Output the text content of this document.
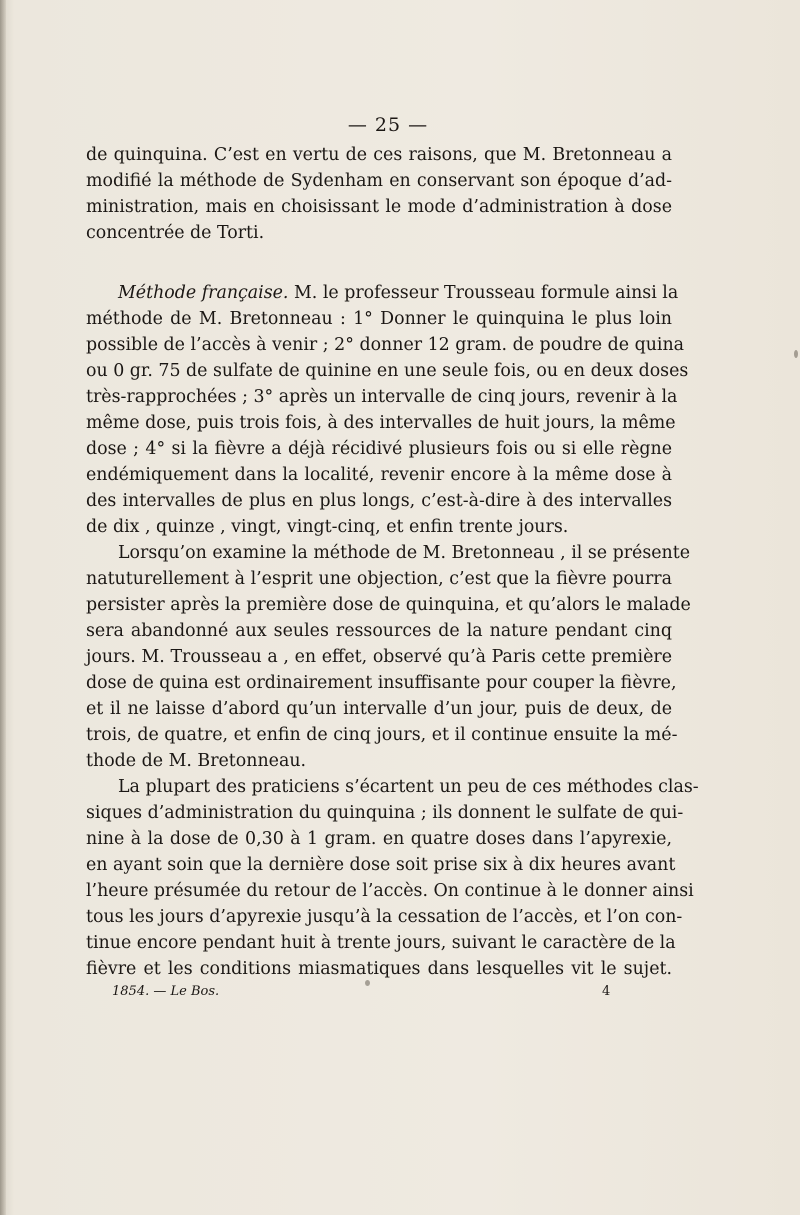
— 25 —
de quinquina. C’est en vertu de ces raisons, que M. Bretonneau a
modifié la méthode de Sydenham en conservant son époque d’ad-
ministration, mais en choisissant le mode d’administration à dose
concentrée de Torti.
Méthode française. M. le professeur Trousseau formule ainsi la
méthode de M. Bretonneau : 1° Donner le quinquina le plus loin
possible de l’accès à venir ; 2° donner 12 gram. de poudre de quina
ou 0 gr. 75 de sulfate de quinine en une seule fois, ou en deux doses
très-rapprochées ; 3° après un intervalle de cinq jours, revenir à la
même dose, puis trois fois, à des intervalles de huit jours, la même
dose ; 4° si la fièvre a déjà récidivé plusieurs fois ou si elle règne
endémiquement dans la localité, revenir encore à la même dose à
des intervalles de plus en plus longs, c’est-à-dire à des intervalles
de dix , quinze , vingt, vingt-cinq, et enfin trente jours.
Lorsqu’on examine la méthode de M. Bretonneau , il se présente
natuturellement à l’esprit une objection, c’est que la fièvre pourra
persister après la première dose de quinquina, et qu’alors le malade
sera abandonné aux seules ressources de la nature pendant cinq
jours. M. Trousseau a , en effet, observé qu’à Paris cette première
dose de quina est ordinairement insuffisante pour couper la fièvre,
et il ne laisse d’abord qu’un intervalle d’un jour, puis de deux, de
trois, de quatre, et enfin de cinq jours, et il continue ensuite la mé-
thode de M. Bretonneau.
La plupart des praticiens s’écartent un peu de ces méthodes clas-
siques d’administration du quinquina ; ils donnent le sulfate de qui-
nine à la dose de 0,30 à 1 gram. en quatre doses dans l’apyrexie,
en ayant soin que la dernière dose soit prise six à dix heures avant
l’heure présumée du retour de l’accès. On continue à le donner ainsi
tous les jours d’apyrexie jusqu’à la cessation de l’accès, et l’on con-
tinue encore pendant huit à trente jours, suivant le caractère de la
fièvre et les conditions miasmatiques dans lesquelles vit le sujet.
1854. — Le Bos.	4
